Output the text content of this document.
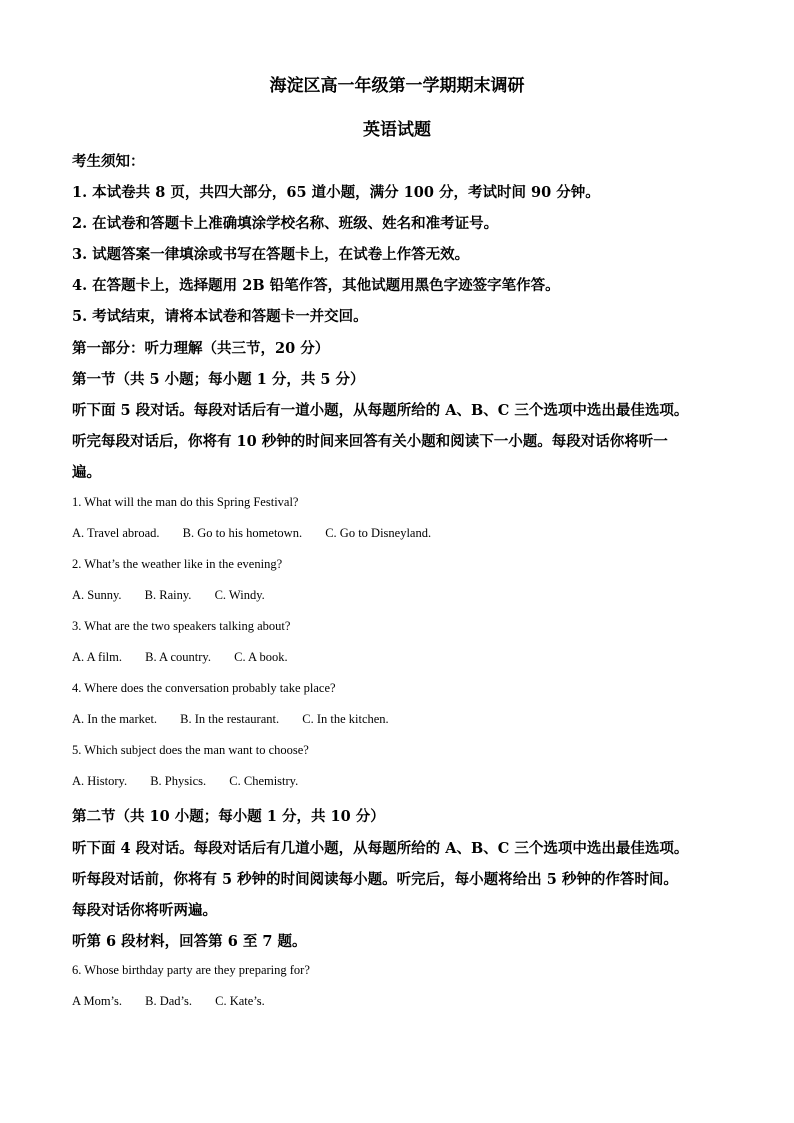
海淀区高一年级第一学期期末调研
英语试题
考生须知：
1. 本试卷共 8 页，共四大部分，65 道小题，满分 100 分，考试时间 90 分钟。
2. 在试卷和答题卡上准确填涂学校名称、班级、姓名和准考证号。
3. 试题答案一律填涂或书写在答题卡上，在试卷上作答无效。
4. 在答题卡上，选择题用 2B 铅笔作答，其他试题用黑色字迹签字笔作答。
5. 考试结束，请将本试卷和答题卡一并交回。
第一部分：听力理解（共三节，20 分）
第一节（共 5 小题；每小题 1 分，共 5 分）
听下面 5 段对话。每段对话后有一道小题，从每题所给的 A、B、C 三个选项中选出最佳选项。
听完每段对话后，你将有 10 秒钟的时间来回答有关小题和阅读下一小题。每段对话你将听一
遍。
1. What will the man do this Spring Festival?
A. Travel abroad. B. Go to his hometown. C. Go to Disneyland.
2. What’s the weather like in the evening?
A. Sunny. B. Rainy. C. Windy.
3. What are the two speakers talking about?
A. A film. B. A country. C. A book.
4. Where does the conversation probably take place?
A. In the market. B. In the restaurant. C. In the kitchen.
5. Which subject does the man want to choose?
A. History. B. Physics. C. Chemistry.
第二节（共 10 小题；每小题 1 分，共 10 分）
听下面 4 段对话。每段对话后有几道小题，从每题所给的 A、B、C 三个选项中选出最佳选项。
听每段对话前，你将有 5 秒钟的时间阅读每小题。听完后，每小题将给出 5 秒钟的作答时间。
每段对话你将听两遍。
听第 6 段材料，回答第 6 至 7 题。
6. Whose birthday party are they preparing for?
A Mom’s. B. Dad’s. C. Kate’s.
